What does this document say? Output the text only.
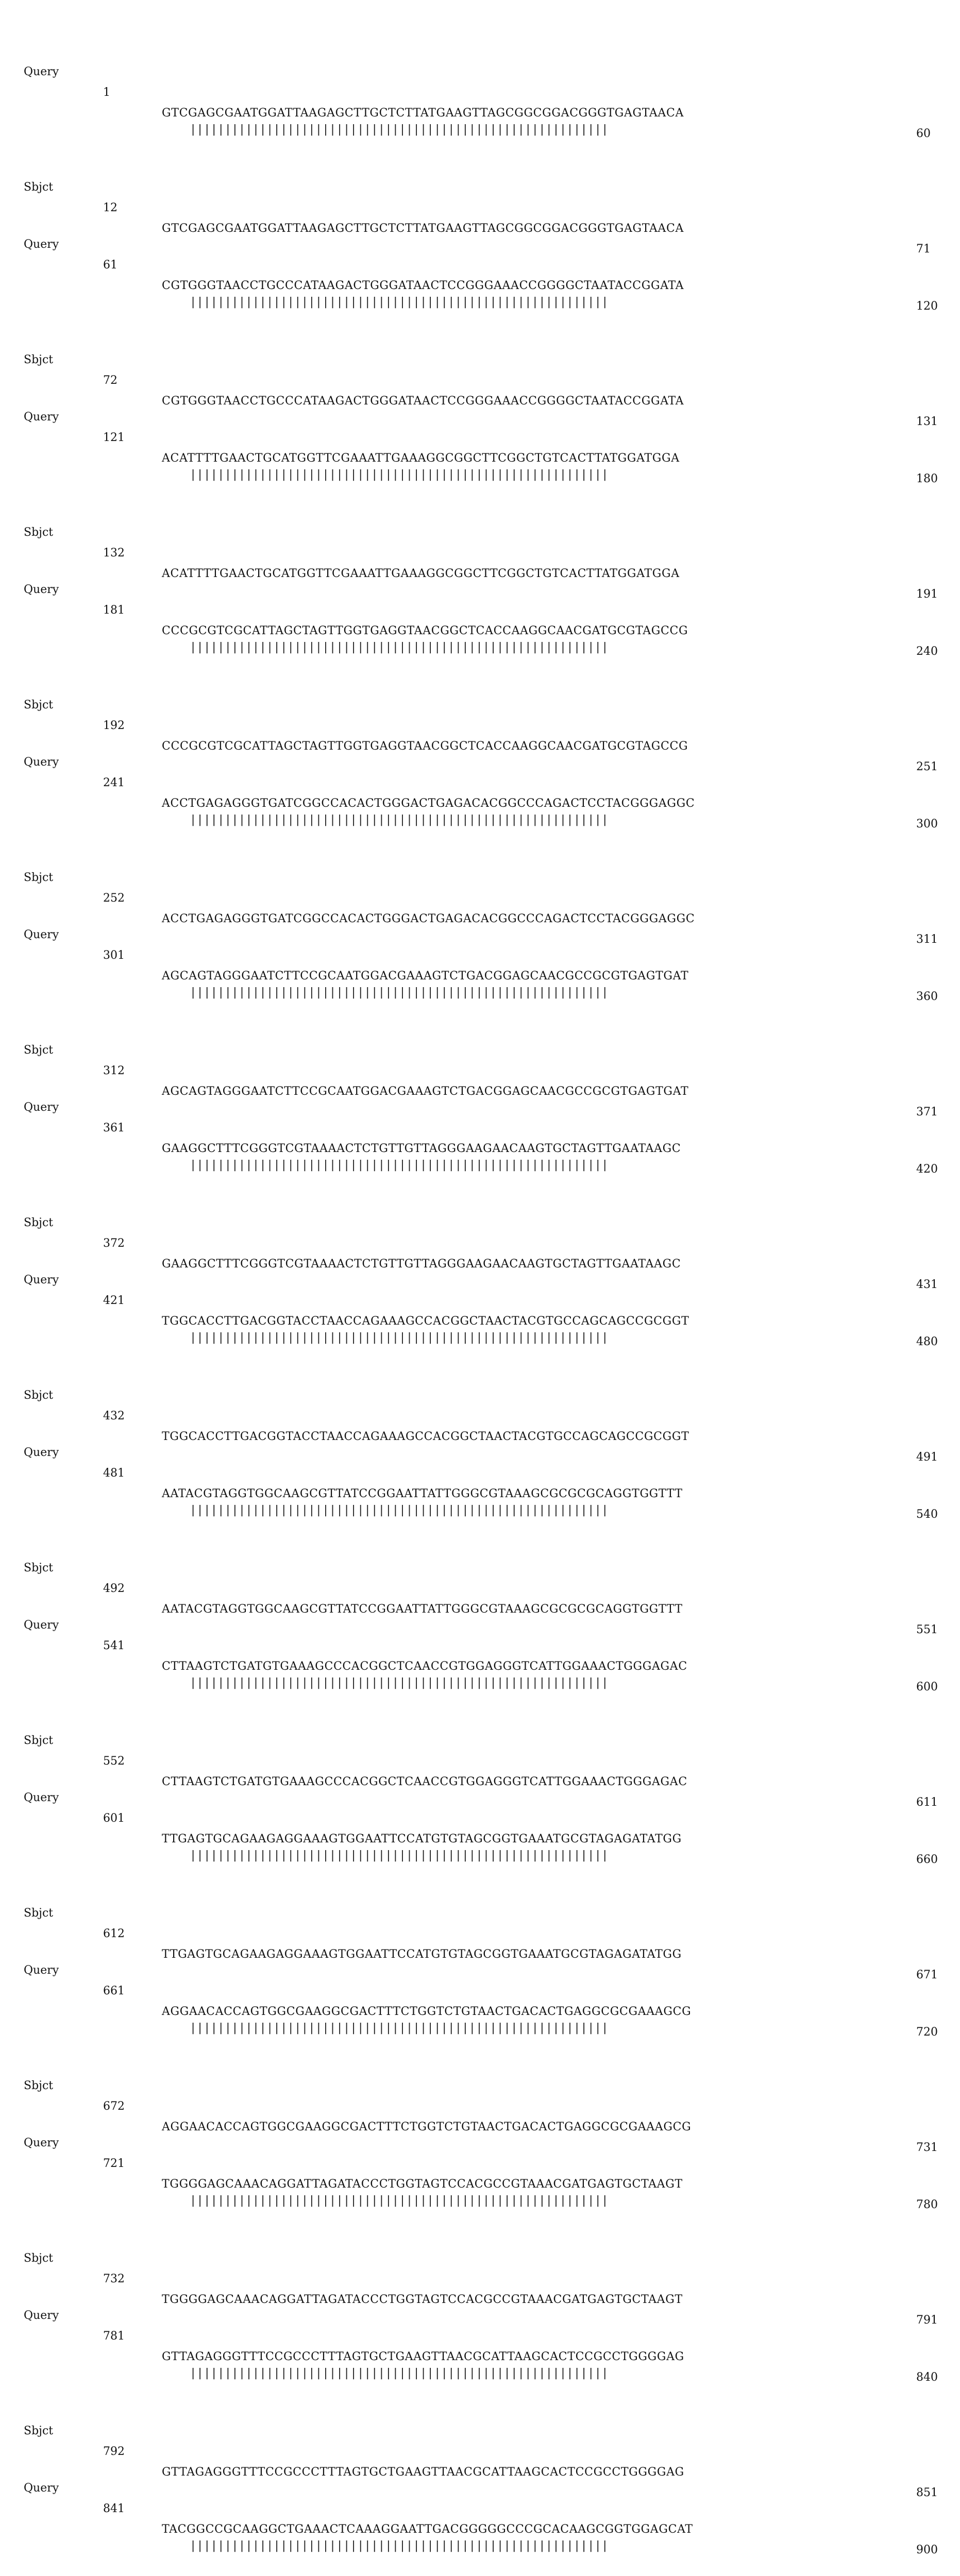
Query

1

GTCGAGCGAATGGATTAAGAGCTTGCTCTTATGAAGTTAGCGGCGGACGGGTGAGTAACA

60

||||||||||||||||||||||||||||||||||||||||||||||||||||||||||||

Sbjct

12

GTCGAGCGAATGGATTAAGAGCTTGCTCTTATGAAGTTAGCGGCGGACGGGTGAGTAACA

71

Query

61

CGTGGGTAACCTGCCCATAAGACTGGGATAACTCCGGGAAACCGGGGCTAATACCGGATA

120

||||||||||||||||||||||||||||||||||||||||||||||||||||||||||||

Sbjct

72

CGTGGGTAACCTGCCCATAAGACTGGGATAACTCCGGGAAACCGGGGCTAATACCGGATA

131

Query

121

ACATTTTGAACTGCATGGTTCGAAATTGAAAGGCGGCTTCGGCTGTCACTTATGGATGGA

180

||||||||||||||||||||||||||||||||||||||||||||||||||||||||||||

Sbjct

132

ACATTTTGAACTGCATGGTTCGAAATTGAAAGGCGGCTTCGGCTGTCACTTATGGATGGA

191

Query

181

CCCGCGTCGCATTAGCTAGTTGGTGAGGTAACGGCTCACCAAGGCAACGATGCGTAGCCG

240

||||||||||||||||||||||||||||||||||||||||||||||||||||||||||||

Sbjct

192

CCCGCGTCGCATTAGCTAGTTGGTGAGGTAACGGCTCACCAAGGCAACGATGCGTAGCCG

251

Query

241

ACCTGAGAGGGTGATCGGCCACACTGGGACTGAGACACGGCCCAGACTCCTACGGGAGGC

300

||||||||||||||||||||||||||||||||||||||||||||||||||||||||||||

Sbjct

252

ACCTGAGAGGGTGATCGGCCACACTGGGACTGAGACACGGCCCAGACTCCTACGGGAGGC

311

Query

301

AGCAGTAGGGAATCTTCCGCAATGGACGAAAGTCTGACGGAGCAACGCCGCGTGAGTGAT

360

||||||||||||||||||||||||||||||||||||||||||||||||||||||||||||

Sbjct

312

AGCAGTAGGGAATCTTCCGCAATGGACGAAAGTCTGACGGAGCAACGCCGCGTGAGTGAT

371

Query

361

GAAGGCTTTCGGGTCGTAAAACTCTGTTGTTAGGGAAGAACAAGTGCTAGTTGAATAAGC

420

||||||||||||||||||||||||||||||||||||||||||||||||||||||||||||

Sbjct

372

GAAGGCTTTCGGGTCGTAAAACTCTGTTGTTAGGGAAGAACAAGTGCTAGTTGAATAAGC

431

Query

421

TGGCACCTTGACGGTACCTAACCAGAAAGCCACGGCTAACTACGTGCCAGCAGCCGCGGT

480

||||||||||||||||||||||||||||||||||||||||||||||||||||||||||||

Sbjct

432

TGGCACCTTGACGGTACCTAACCAGAAAGCCACGGCTAACTACGTGCCAGCAGCCGCGGT

491

Query

481

AATACGTAGGTGGCAAGCGTTATCCGGAATTATTGGGCGTAAAGCGCGCGCAGGTGGTTT

540

||||||||||||||||||||||||||||||||||||||||||||||||||||||||||||

Sbjct

492

AATACGTAGGTGGCAAGCGTTATCCGGAATTATTGGGCGTAAAGCGCGCGCAGGTGGTTT

551

Query

541

CTTAAGTCTGATGTGAAAGCCCACGGCTCAACCGTGGAGGGTCATTGGAAACTGGGAGAC

600

||||||||||||||||||||||||||||||||||||||||||||||||||||||||||||

Sbjct

552

CTTAAGTCTGATGTGAAAGCCCACGGCTCAACCGTGGAGGGTCATTGGAAACTGGGAGAC

611

Query

601

TTGAGTGCAGAAGAGGAAAGTGGAATTCCATGTGTAGCGGTGAAATGCGTAGAGATATGG

660

||||||||||||||||||||||||||||||||||||||||||||||||||||||||||||

Sbjct

612

TTGAGTGCAGAAGAGGAAAGTGGAATTCCATGTGTAGCGGTGAAATGCGTAGAGATATGG

671

Query

661

AGGAACACCAGTGGCGAAGGCGACTTTCTGGTCTGTAACTGACACTGAGGCGCGAAAGCG

720

||||||||||||||||||||||||||||||||||||||||||||||||||||||||||||

Sbjct

672

AGGAACACCAGTGGCGAAGGCGACTTTCTGGTCTGTAACTGACACTGAGGCGCGAAAGCG

731

Query

721

TGGGGAGCAAACAGGATTAGATACCCTGGTAGTCCACGCCGTAAACGATGAGTGCTAAGT

780

||||||||||||||||||||||||||||||||||||||||||||||||||||||||||||

Sbjct

732

TGGGGAGCAAACAGGATTAGATACCCTGGTAGTCCACGCCGTAAACGATGAGTGCTAAGT

791

Query

781

GTTAGAGGGTTTCCGCCCTTTAGTGCTGAAGTTAACGCATTAAGCACTCCGCCTGGGGAG

840

||||||||||||||||||||||||||||||||||||||||||||||||||||||||||||

Sbjct

792

GTTAGAGGGTTTCCGCCCTTTAGTGCTGAAGTTAACGCATTAAGCACTCCGCCTGGGGAG

851

Query

841

TACGGCCGCAAGGCTGAAACTCAAAGGAATTGACGGGGGCCCGCACAAGCGGTGGAGCAT

900

||||||||||||||||||||||||||||||||||||||||||||||||||||||||||||
